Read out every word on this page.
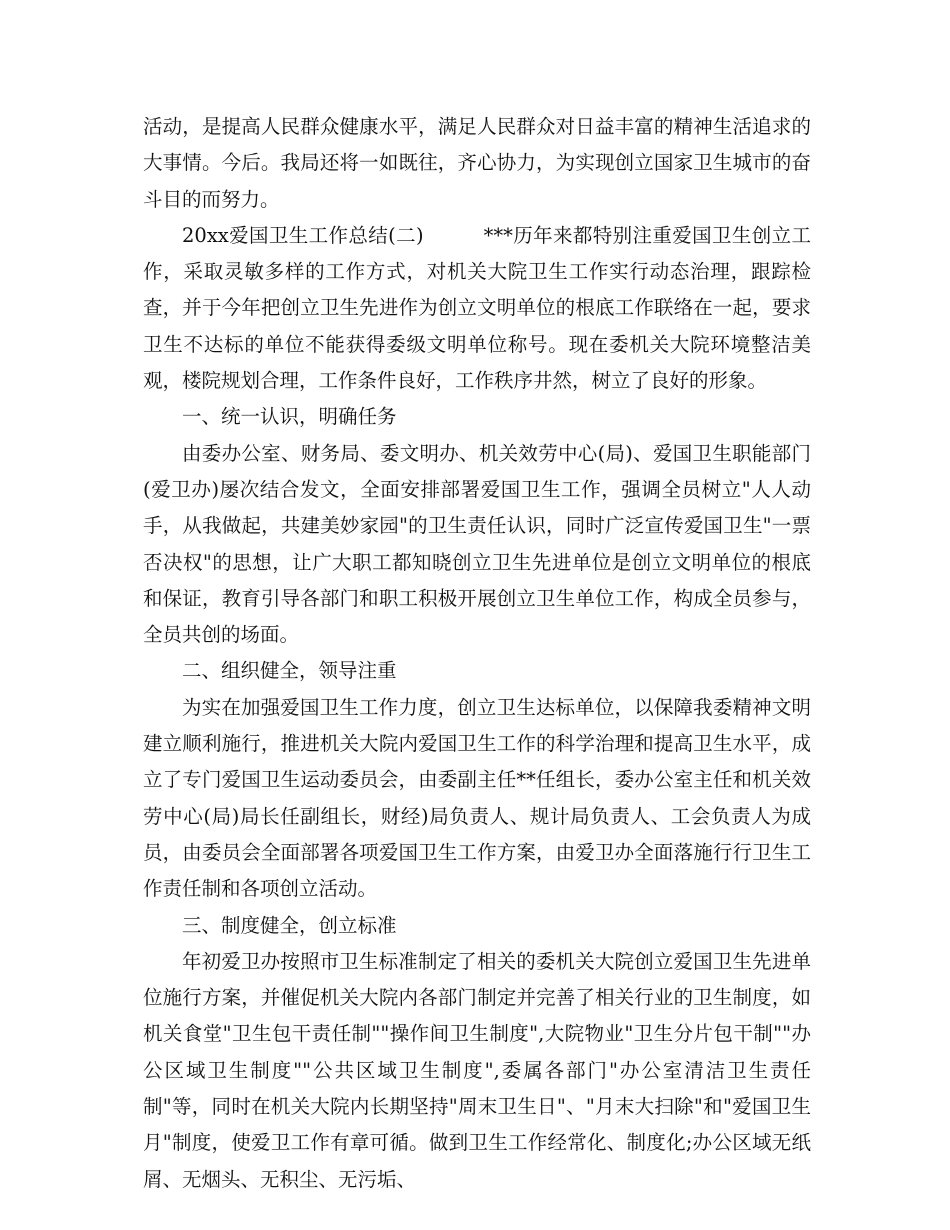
活动，是提高人民群众健康水平，满足人民群众对日益丰富的精神生活追求的大事情。今后。我局还将一如既往，齐心协力，为实现创立国家卫生城市的奋斗目的而努力。

20xx爱国卫生工作总结(二)　　　***历年来都特别注重爱国卫生创立工作，采取灵敏多样的工作方式，对机关大院卫生工作实行动态治理，跟踪检查，并于今年把创立卫生先进作为创立文明单位的根底工作联络在一起，要求卫生不达标的单位不能获得委级文明单位称号。现在委机关大院环境整洁美观，楼院规划合理，工作条件良好，工作秩序井然，树立了良好的形象。

一、统一认识，明确任务

由委办公室、财务局、委文明办、机关效劳中心(局)、爱国卫生职能部门(爱卫办)屡次结合发文，全面安排部署爱国卫生工作，强调全员树立"人人动手，从我做起，共建美妙家园"的卫生责任认识，同时广泛宣传爱国卫生"一票否决权"的思想，让广大职工都知晓创立卫生先进单位是创立文明单位的根底和保证，教育引导各部门和职工积极开展创立卫生单位工作，构成全员参与，全员共创的场面。

二、组织健全，领导注重

为实在加强爱国卫生工作力度，创立卫生达标单位，以保障我委精神文明建立顺利施行，推进机关大院内爱国卫生工作的科学治理和提高卫生水平，成立了专门爱国卫生运动委员会，由委副主任**任组长，委办公室主任和机关效劳中心(局)局长任副组长，财经)局负责人、规计局负责人、工会负责人为成员，由委员会全面部署各项爱国卫生工作方案，由爱卫办全面落施行行卫生工作责任制和各项创立活动。

三、制度健全，创立标准

年初爱卫办按照市卫生标准制定了相关的委机关大院创立爱国卫生先进单位施行方案，并催促机关大院内各部门制定并完善了相关行业的卫生制度，如机关食堂"卫生包干责任制""操作间卫生制度",大院物业"卫生分片包干制""办公区域卫生制度""公共区域卫生制度",委属各部门"办公室清洁卫生责任制"等，同时在机关大院内长期坚持"周末卫生日"、"月末大扫除"和"爱国卫生月"制度，使爱卫工作有章可循。做到卫生工作经常化、制度化;办公区域无纸屑、无烟头、无积尘、无污垢、
